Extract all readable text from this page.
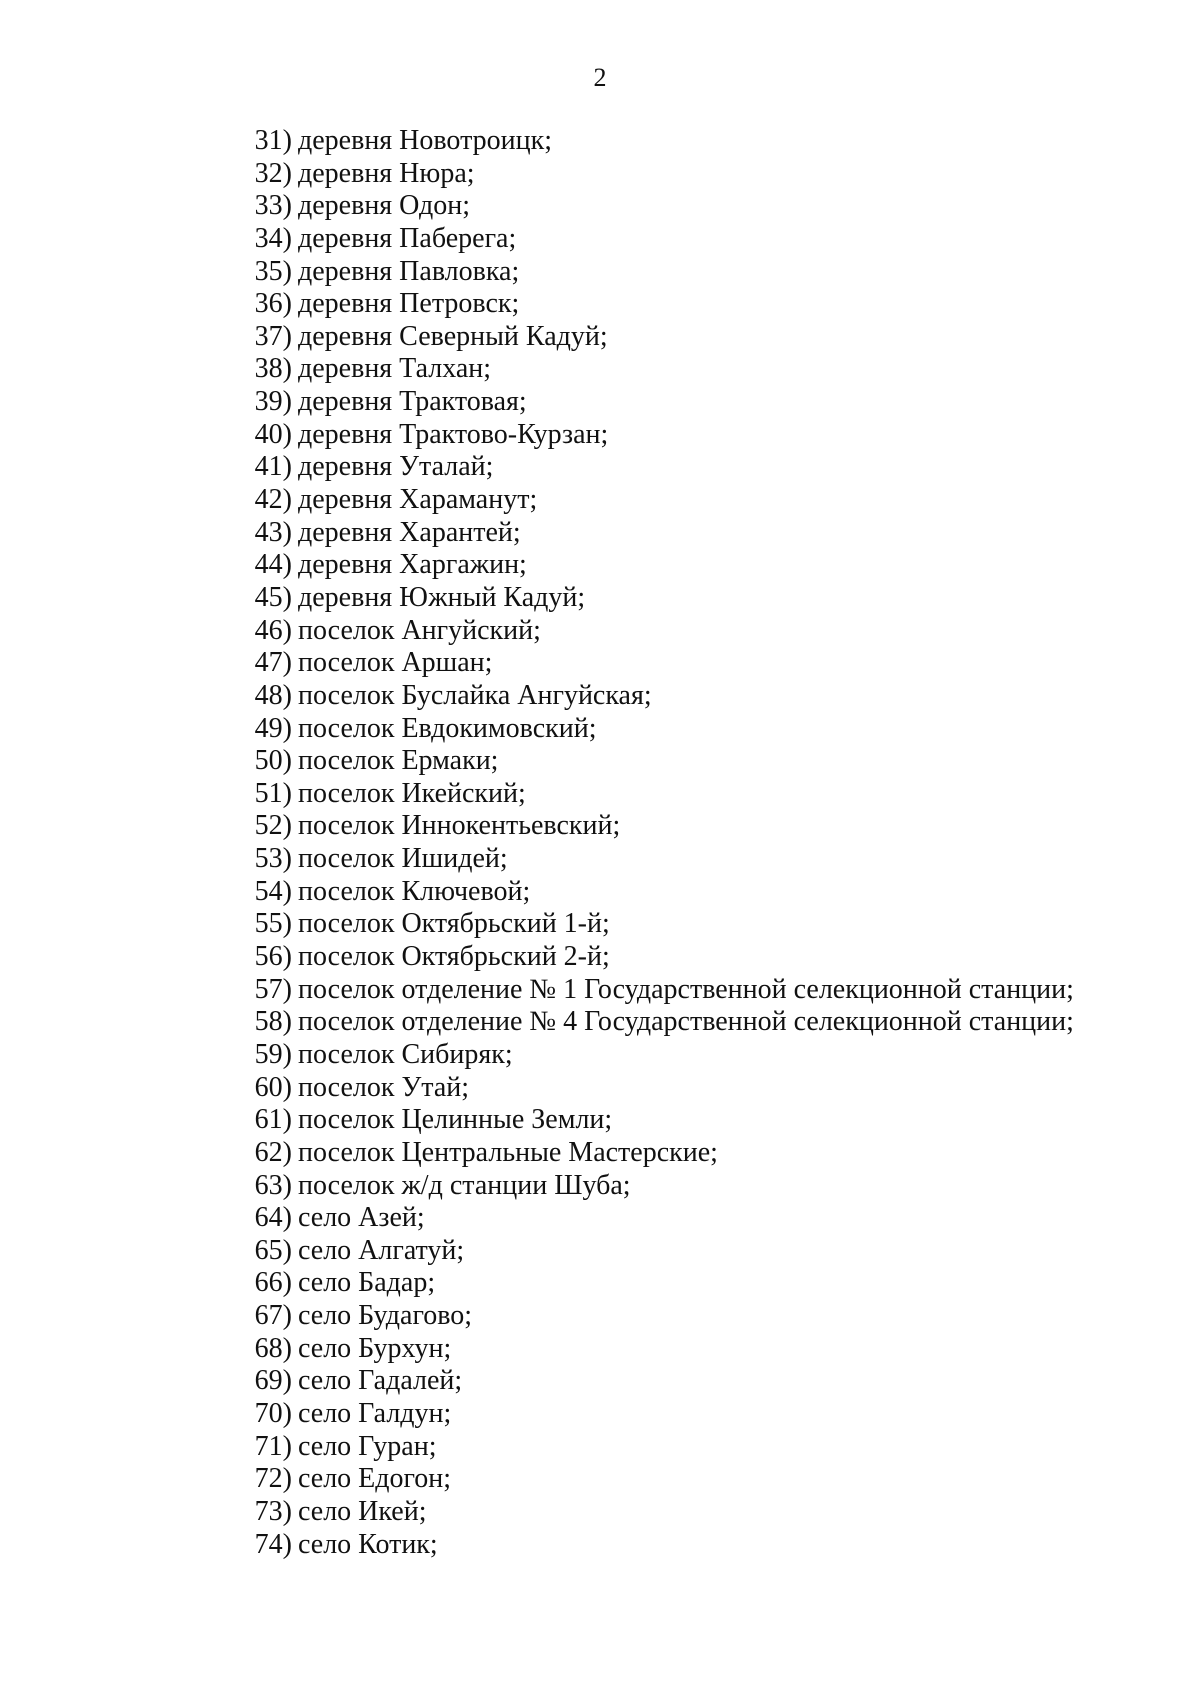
2
31) деревня Новотроицк;
32) деревня Нюра;
33) деревня Одон;
34) деревня Паберега;
35) деревня Павловка;
36) деревня Петровск;
37) деревня Северный Кадуй;
38) деревня Талхан;
39) деревня Трактовая;
40) деревня Трактово-Курзан;
41) деревня Уталай;
42) деревня Хараманут;
43) деревня Харантей;
44) деревня Харгажин;
45) деревня Южный Кадуй;
46) поселок Ангуйский;
47) поселок Аршан;
48) поселок Буслайка Ангуйская;
49) поселок Евдокимовский;
50) поселок Ермаки;
51) поселок Икейский;
52) поселок Иннокентьевский;
53) поселок Ишидей;
54) поселок Ключевой;
55) поселок Октябрьский 1-й;
56) поселок Октябрьский 2-й;
57) поселок отделение № 1 Государственной селекционной станции;
58) поселок отделение № 4 Государственной селекционной станции;
59) поселок Сибиряк;
60) поселок Утай;
61) поселок Целинные Земли;
62) поселок Центральные Мастерские;
63) поселок ж/д станции Шуба;
64) село Азей;
65) село Алгатуй;
66) село Бадар;
67) село Будагово;
68) село Бурхун;
69) село Гадалей;
70) село Галдун;
71) село Гуран;
72) село Едогон;
73) село Икей;
74) село Котик;
